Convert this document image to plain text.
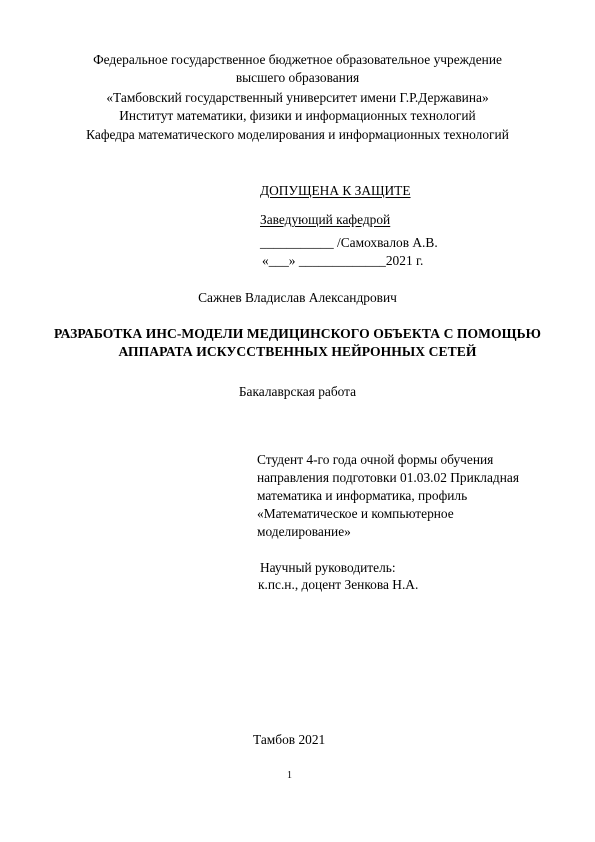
Федеральное государственное бюджетное образовательное учреждение
высшего образования
«Тамбовский государственный университет имени Г.Р.Державина»
Институт математики, физики и информационных технологий
Кафедра математического моделирования и информационных технологий
ДОПУЩЕНА К ЗАЩИТЕ
Заведующий кафедрой
___________ /Самохвалов А.В.
«___» _____________2021 г.
Сажнев Владислав Александрович
РАЗРАБОТКА ИНС-МОДЕЛИ МЕДИЦИНСКОГО ОБЪЕКТА С ПОМОЩЬЮ
АППАРАТА ИСКУССТВЕННЫХ НЕЙРОННЫХ СЕТЕЙ
Бакалаврская работа
Студент 4-го года очной формы обучения
направления подготовки 01.03.02 Прикладная
математика и информатика, профиль
«Математическое и компьютерное
моделирование»
Научный руководитель:
к.пс.н., доцент Зенкова Н.А.
Тамбов 2021
1
